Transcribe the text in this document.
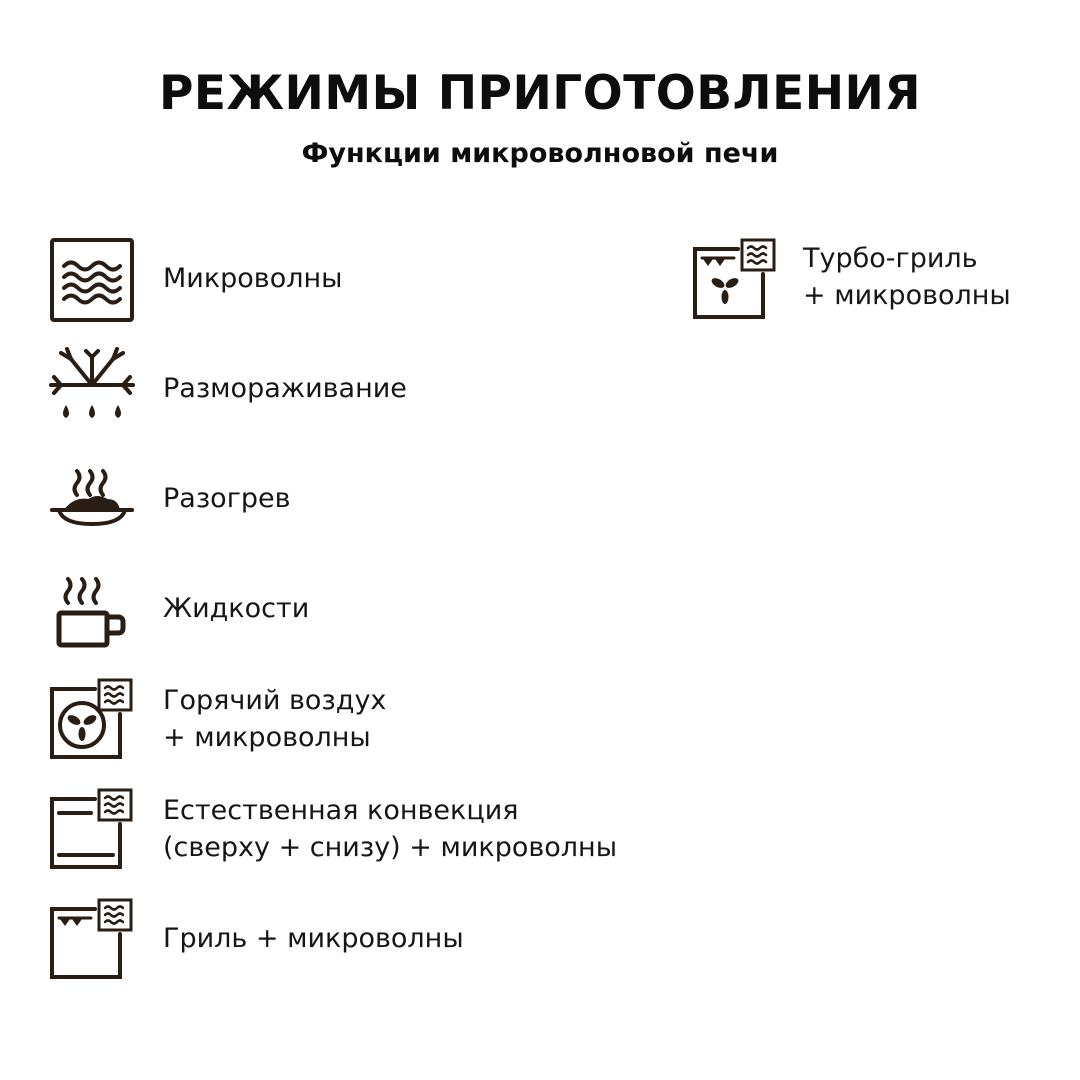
РЕЖИМЫ ПРИГОТОВЛЕНИЯ
Функции микроволновой печи
Микроволны
Размораживание
Разогрев
Жидкости
Горячий воздух
+ микроволны
Естественная конвекция
(сверху + снизу) + микроволны
Гриль + микроволны
Турбо-гриль
+ микроволны
